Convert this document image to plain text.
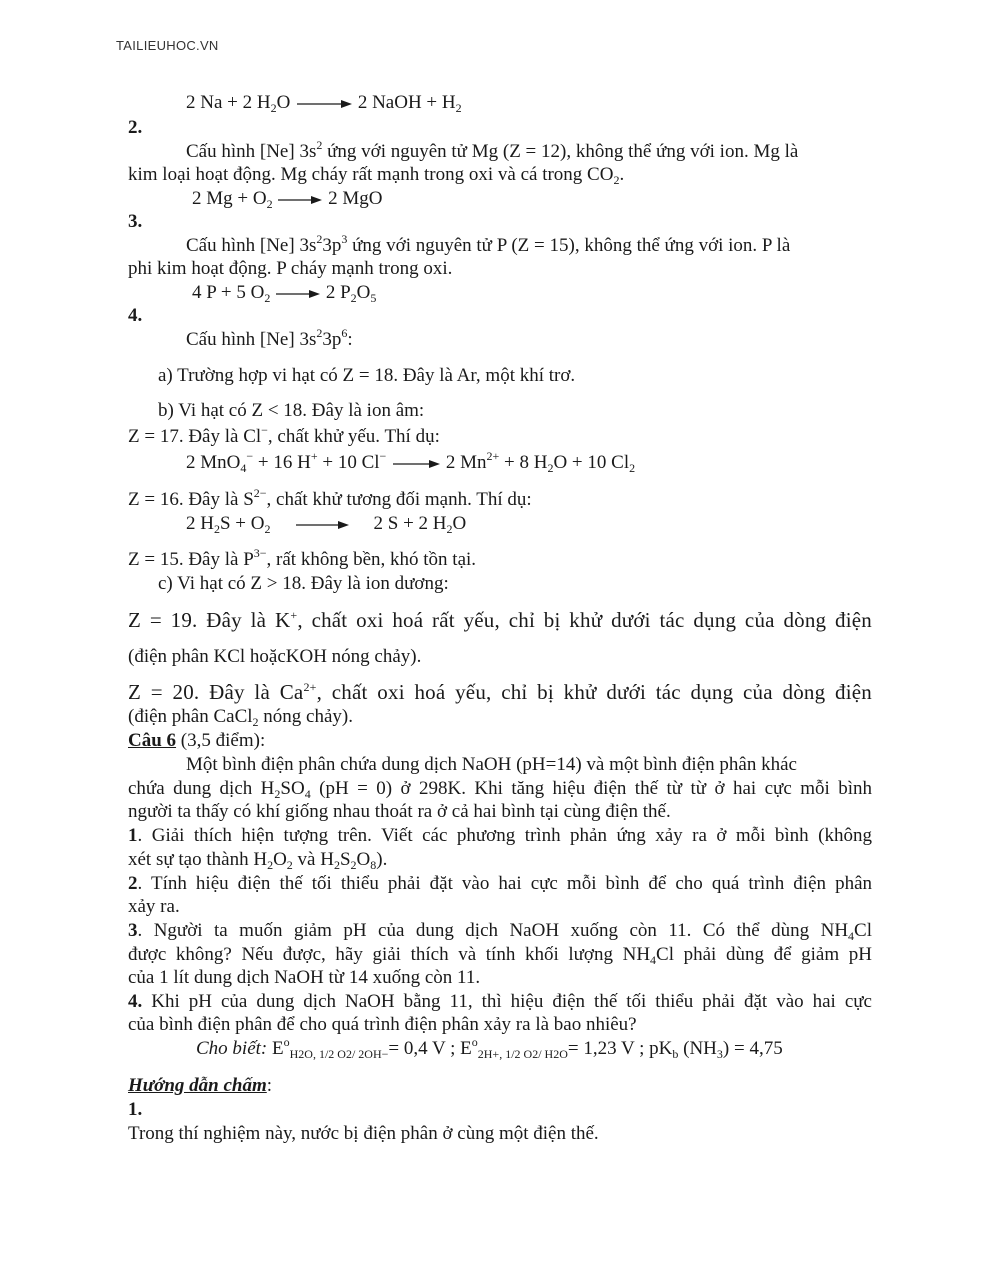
TAILIEUHOC.VN
2 Na + 2 $H_2O \to 2$ NaOH + $H_2$
2.
Cấu hình [Ne] $3s^2$ ứng với nguyên tử Mg (Z = 12), không thể ứng với ion. Mg là
kim loại hoạt động. Mg cháy rất mạnh trong oxi và cá trong $CO_2$.
2 $Mg + O_2 \to 2$ MgO
3.
Cấu hình [Ne] $3s^23p^3$ ứng với nguyên tử P (Z = 15), không thể ứng với ion. P là
phi kim hoạt động. P cháy mạnh trong oxi.
4 P + 5 $O_2 \to 2$ $P_2O_5$
4.
Cấu hình [Ne] $3s^23p^6$:
a) Trường hợp vi hạt có Z = 18. Đây là Ar, một khí trơ.
b) Vi hạt có Z < 18. Đây là ion âm:
Z = 17. Đây là Cl−, chất khử yếu. Thí dụ:
2 MnO$_4$− + 16 H+ + 10 Cl− → 2 $Mn^{2+} + 8$ $H_2O + 10$ $Cl_2$
Z = 16. Đây là $S^{2-}$, chất khử tương đối mạnh. Thí dụ:
2 $H_2S + O_2 \to 2$ S + 2 $H_2O$
Z = 15. Đây là $P^{3-}$, rất không bền, khó tồn tại.
c) Vi hạt có Z > 18. Đây là ion dương:
Z = 19. Đây là K+, chất oxi hoá rất yếu, chỉ bị khử dưới tác dụng của dòng điện
(điện phân KCl hoặcKOH nóng chảy).
Z = 20. Đây là $Ca^{2+}$, chất oxi hoá yếu, chỉ bị khử dưới tác dụng của dòng điện
(điện phân CaCl$_2$ nóng chảy).
Câu 6 (3,5 điểm):
Một bình điện phân chứa dung dịch NaOH (pH=14) và một bình điện phân khác
chứa dung dịch $H_2SO_4$ (pH = 0) ở 298K. Khi tăng hiệu điện thế từ từ ở hai cực mỗi bình
người ta thấy có khí giống nhau thoát ra ở cả hai bình tại cùng điện thế.
1. Giải thích hiện tượng trên. Viết các phương trình phản ứng xảy ra ở mỗi bình (không
xét sự tạo thành $H_2O_2$ và $H_2S_2O_8$).
2. Tính hiệu điện thế tối thiểu phải đặt vào hai cực mỗi bình để cho quá trình điện phân
xảy ra.
3. Người ta muốn giảm pH của dung dịch NaOH xuống còn 11. Có thể dùng $NH_4Cl$
được không? Nếu được, hãy giải thích và tính khối lượng $NH_4Cl$ phải dùng để giảm pH
của 1 lít dung dịch NaOH từ 14 xuống còn 11.
4. Khi pH của dung dịch NaOH bằng 11, thì hiệu điện thế tối thiểu phải đặt vào hai cực
của bình điện phân để cho quá trình điện phân xảy ra là bao nhiêu?
Cho biết: $E^o_{H2O, 1/2 O2/ 2OH-}= 0,4$ V ; $E^o_{2H+, 1/2 O2/ H2O}= 1,23$ V ; $pK_b$ $(NH_3) = 4,75$
Hướng dẫn chấm:
1.
Trong thí nghiệm này, nước bị điện phân ở cùng một điện thế.
